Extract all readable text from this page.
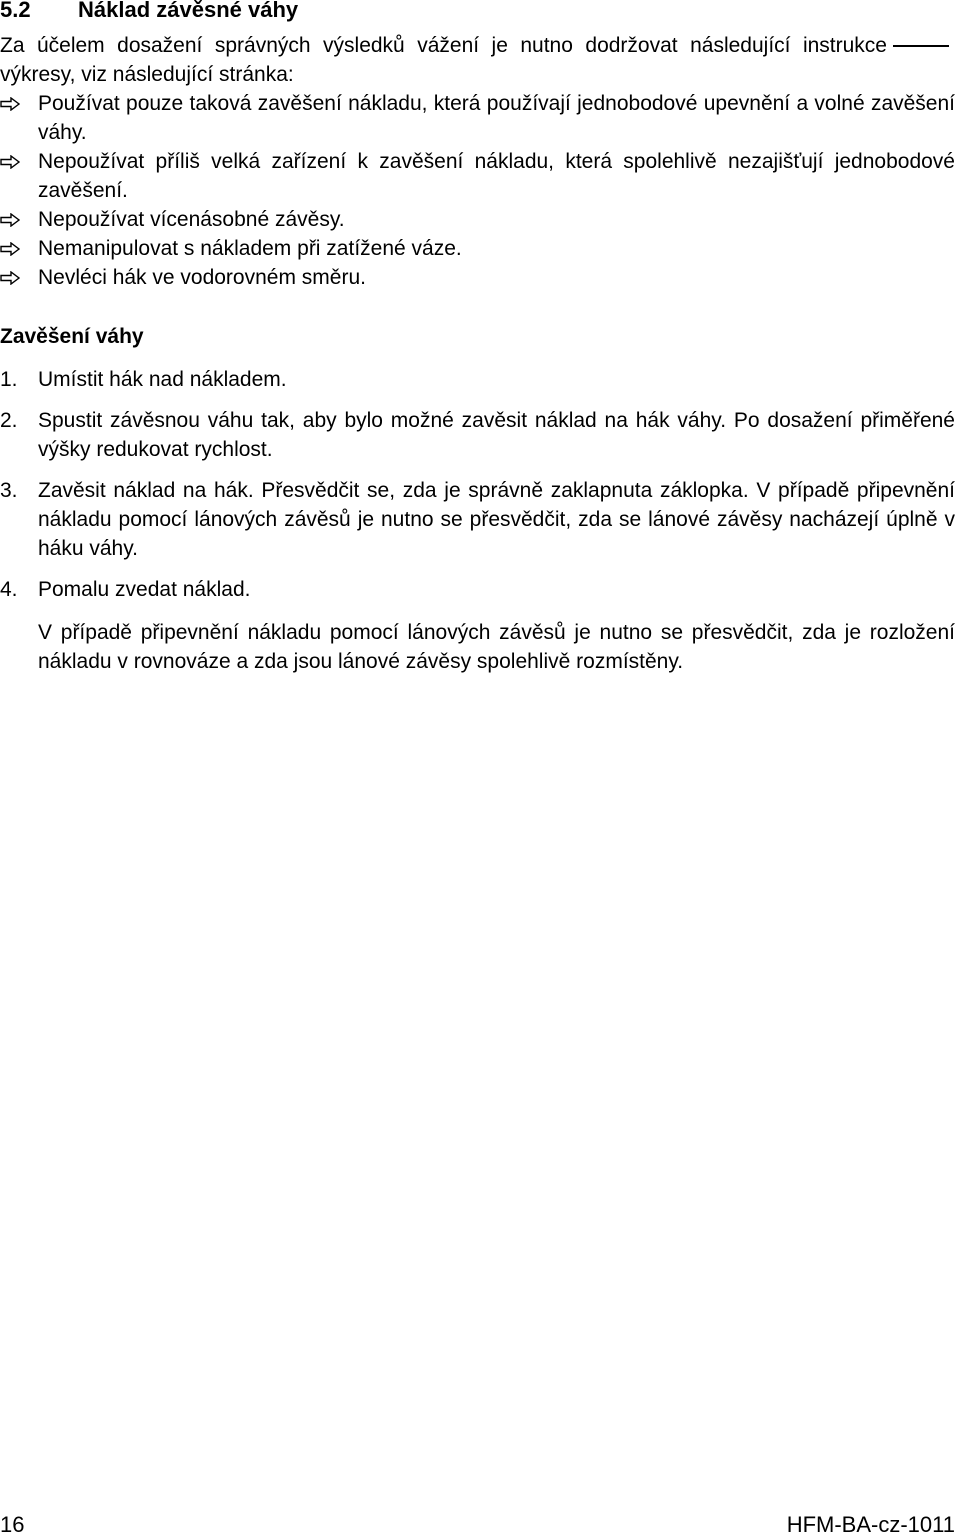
5.2 Náklad závěsné váhy
Za účelem dosažení správných výsledků vážení je nutno dodržovat následující instrukcevýkresy, viz následující stránka:
Používat pouze taková zavěšení nákladu, která používají jednobodové upevnění a volné zavěšení váhy.
Nepoužívat příliš velká zařízení k zavěšení nákladu, která spolehlivě nezajišťují jednobodové zavěšení.
Nepoužívat vícenásobné závěsy.
Nemanipulovat s nákladem při zatížené váze.
Nevléci hák ve vodorovném směru.
Zavěšení váhy
1. Umístit hák nad nákladem.
2. Spustit závěsnou váhu tak, aby bylo možné zavěsit náklad na hák váhy. Po dosažení přiměřené výšky redukovat rychlost.
3. Zavěsit náklad na hák. Přesvědčit se, zda je správně zaklapnuta záklopka. V případě připevnění nákladu pomocí lánových závěsů je nutno se přesvědčit, zda se lánové závěsy nacházejí úplně v háku váhy.
4. Pomalu zvedat náklad.
V případě připevnění nákladu pomocí lánových závěsů je nutno se přesvědčit, zda je rozložení nákladu v rovnováze a zda jsou lánové závěsy spolehlivě rozmístěny.
16	HFM-BA-cz-1011
